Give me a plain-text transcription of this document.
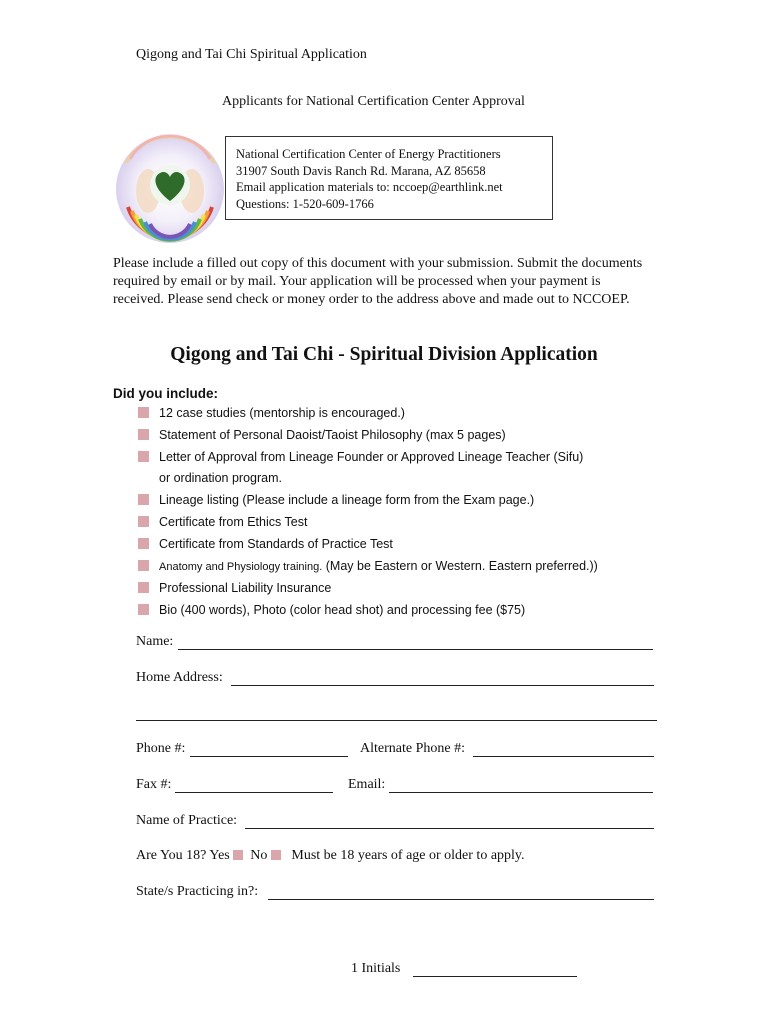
Qigong and Tai Chi Spiritual Application
Applicants for National Certification Center Approval
National Certification Center of Energy Practitioners
31907 South Davis Ranch Rd. Marana, AZ 85658
Email application materials to: nccoep@earthlink.net
Questions: 1-520-609-1766
Please include a filled out copy of this document with your submission. Submit the documents required by email or by mail. Your application will be processed when your payment is received. Please send check or money order to the address above and made out to NCCOEP.
Qigong and Tai Chi - Spiritual Division Application
Did you include:
12 case studies (mentorship is encouraged.)
Statement of Personal Daoist/Taoist Philosophy (max 5 pages)
Letter of Approval from Lineage Founder or Approved Lineage Teacher (Sifu)
or ordination program.
Lineage listing (Please include a lineage form from the Exam page.)
Certificate from Ethics Test
Certificate from Standards of Practice Test
Anatomy and Physiology training. (May be Eastern or Western. Eastern preferred.))
Professional Liability Insurance
Bio (400 words), Photo (color head shot) and processing fee ($75)
Name:
Home Address:
Phone #:	Alternate Phone #:
Fax #:	Email:
Name of Practice:
Are You 18? Yes No Must be 18 years of age or older to apply.
State/s Practicing in?:
1 Initials
